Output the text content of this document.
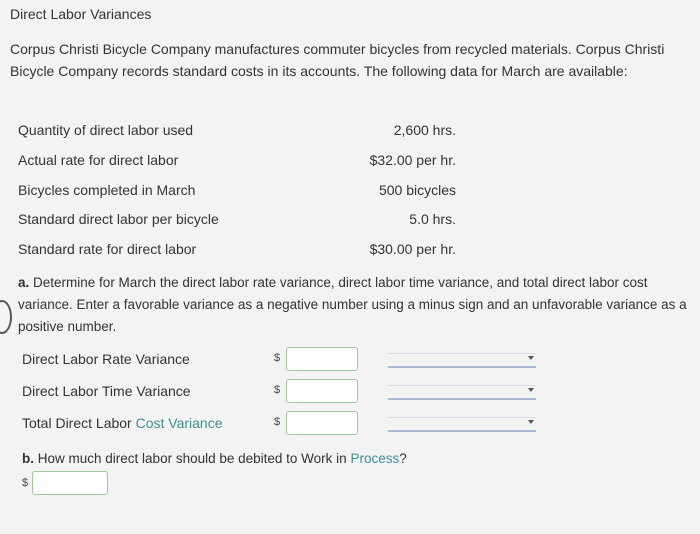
Direct Labor Variances
Corpus Christi Bicycle Company manufactures commuter bicycles from recycled materials. Corpus Christi Bicycle Company records standard costs in its accounts. The following data for March are available:
Quantity of direct labor used	2,600 hrs.
Actual rate for direct labor	$32.00 per hr.
Bicycles completed in March	500 bicycles
Standard direct labor per bicycle	5.0 hrs.
Standard rate for direct labor	$30.00 per hr.
a. Determine for March the direct labor rate variance, direct labor time variance, and total direct labor cost variance. Enter a favorable variance as a negative number using a minus sign and an unfavorable variance as a positive number.
Direct Labor Rate Variance	$
Direct Labor Time Variance	$
Total Direct Labor Cost Variance	$
b. How much direct labor should be debited to Work in Process?
$
